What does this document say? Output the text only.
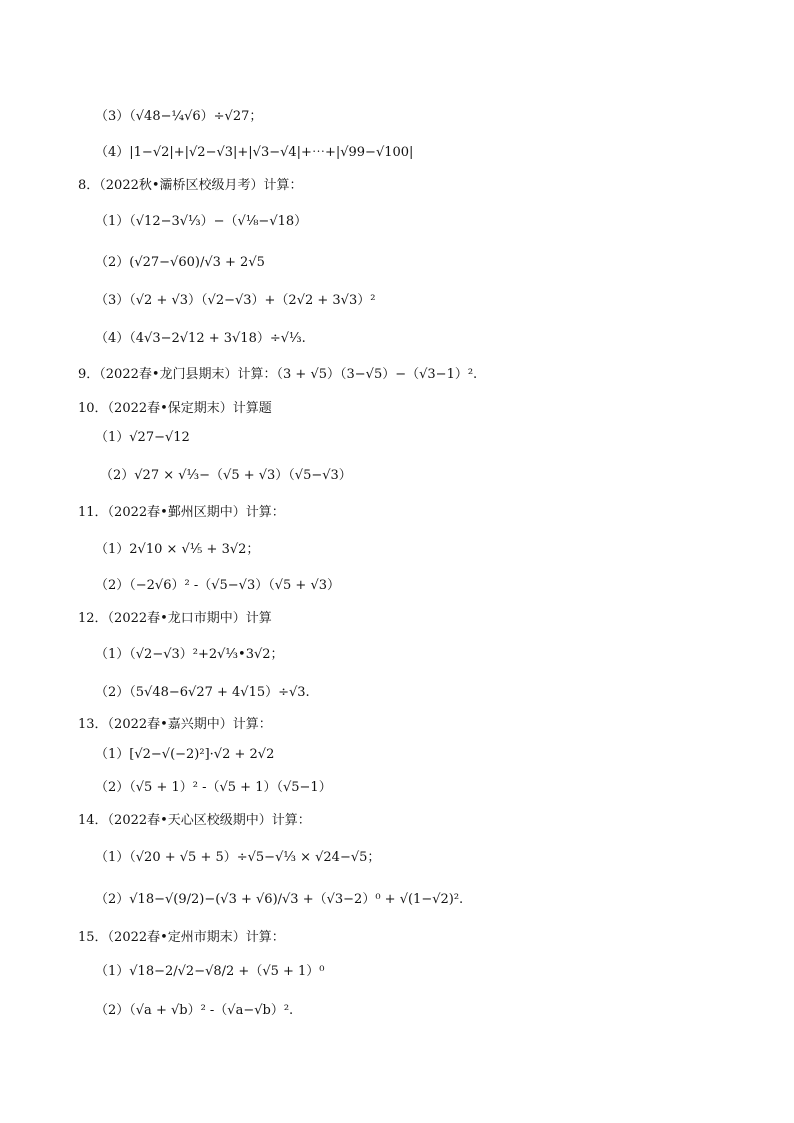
（3）（√48−¼√6）÷√27；
（4）|1−√2|+|√2−√3|+|√3−√4|+⋯+|√99−√100|
8．（2022秋•灞桥区校级月考）计算：
（1）（√12−3√⅓）−（√⅛−√18）
（2）(√27−√60)/√3 + 2√5
（3）（√2 + √3）（√2−√3）+（2√2 + 3√3）²
（4）（4√3−2√12 + 3√18）÷√⅓.
9．（2022春•龙门县期末）计算：（3 + √5）（3−√5）−（√3−1）².
10．（2022春•保定期末）计算题
（1）√27−√12
（2）√27 × √⅓−（√5 + √3）（√5−√3）
11．（2022春•鄞州区期中）计算：
（1）2√10 × √⅕ + 3√2；
（2）（−2√6）² -（√5−√3）（√5 + √3）
12．（2022春•龙口市期中）计算
（1）（√2−√3）²+2√⅓•3√2；
（2）（5√48−6√27 + 4√15）÷√3.
13．（2022春•嘉兴期中）计算：
（1）[√2−√(−2)²]·√2 + 2√2
（2）（√5 + 1）² -（√5 + 1）（√5−1）
14．（2022春•天心区校级期中）计算：
（1）（√20 + √5 + 5）÷√5−√⅓ × √24−√5；
（2）√18−√(9/2)−(√3 + √6)/√3 +（√3−2）⁰ + √(1−√2)².
15．（2022春•定州市期末）计算：
（1）√18−2/√2−√8/2 +（√5 + 1）⁰
（2）（√a + √b）² -（√a−√b）².
